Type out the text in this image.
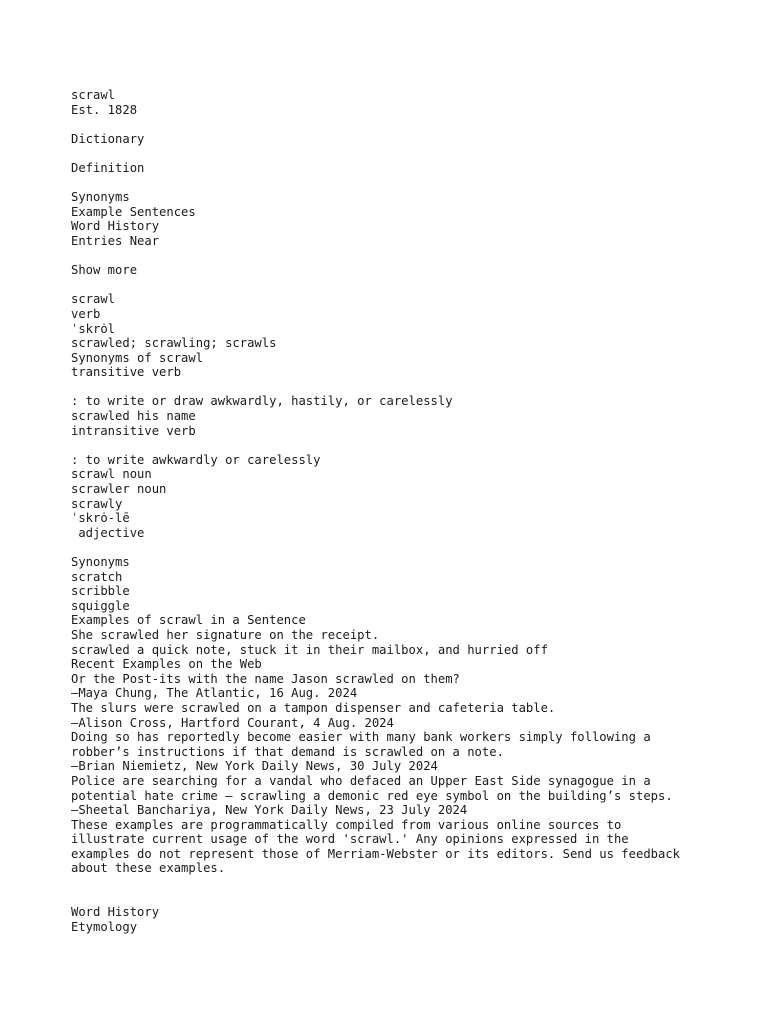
scrawl
Est. 1828
Dictionary
Definition
Synonyms
Example Sentences
Word History
Entries Near
Show more
scrawl
verb
ˈskrȯl
scrawled; scrawling; scrawls
Synonyms of scrawl
transitive verb
: to write or draw awkwardly, hastily, or carelessly
scrawled his name
intransitive verb
: to write awkwardly or carelessly
scrawl noun
scrawler noun
scrawly
ˈskrȯ-lē
adjective
Synonyms
scratch
scribble
squiggle
Examples of scrawl in a Sentence
She scrawled her signature on the receipt.
scrawled a quick note, stuck it in their mailbox, and hurried off
Recent Examples on the Web
Or the Post-its with the name Jason scrawled on them?
—Maya Chung, The Atlantic, 16 Aug. 2024
The slurs were scrawled on a tampon dispenser and cafeteria table.
—Alison Cross, Hartford Courant, 4 Aug. 2024
Doing so has reportedly become easier with many bank workers simply following a
robber’s instructions if that demand is scrawled on a note.
—Brian Niemietz, New York Daily News, 30 July 2024
Police are searching for a vandal who defaced an Upper East Side synagogue in a
potential hate crime — scrawling a demonic red eye symbol on the building’s steps.
—Sheetal Banchariya, New York Daily News, 23 July 2024
These examples are programmatically compiled from various online sources to
illustrate current usage of the word 'scrawl.' Any opinions expressed in the
examples do not represent those of Merriam-Webster or its editors. Send us feedback
about these examples.
Word History
Etymology
